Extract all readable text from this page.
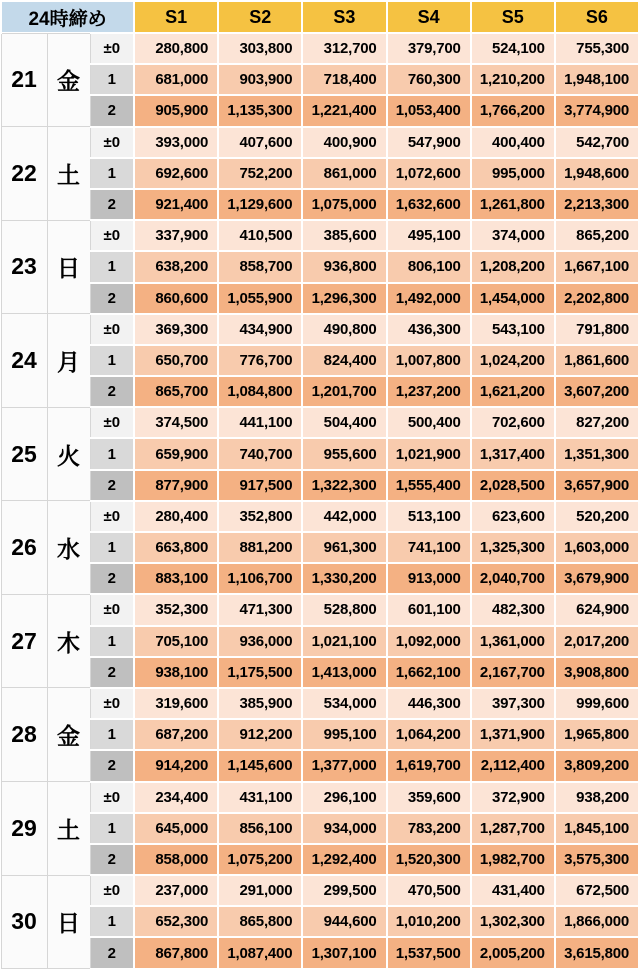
24時締め			S1	S2	S3	S4	S5	S6
21	金	±0	280,800	303,800	312,700	379,700	524,100	755,300
		1	681,000	903,900	718,400	760,300	1,210,200	1,948,100
		2	905,900	1,135,300	1,221,400	1,053,400	1,766,200	3,774,900
22	土	±0	393,000	407,600	400,900	547,900	400,400	542,700
		1	692,600	752,200	861,000	1,072,600	995,000	1,948,600
		2	921,400	1,129,600	1,075,000	1,632,600	1,261,800	2,213,300
23	日	±0	337,900	410,500	385,600	495,100	374,000	865,200
		1	638,200	858,700	936,800	806,100	1,208,200	1,667,100
		2	860,600	1,055,900	1,296,300	1,492,000	1,454,000	2,202,800
24	月	±0	369,300	434,900	490,800	436,300	543,100	791,800
		1	650,700	776,700	824,400	1,007,800	1,024,200	1,861,600
		2	865,700	1,084,800	1,201,700	1,237,200	1,621,200	3,607,200
25	火	±0	374,500	441,100	504,400	500,400	702,600	827,200
		1	659,900	740,700	955,600	1,021,900	1,317,400	1,351,300
		2	877,900	917,500	1,322,300	1,555,400	2,028,500	3,657,900
26	水	±0	280,400	352,800	442,000	513,100	623,600	520,200
		1	663,800	881,200	961,300	741,100	1,325,300	1,603,000
		2	883,100	1,106,700	1,330,200	913,000	2,040,700	3,679,900
27	木	±0	352,300	471,300	528,800	601,100	482,300	624,900
		1	705,100	936,000	1,021,100	1,092,000	1,361,000	2,017,200
		2	938,100	1,175,500	1,413,000	1,662,100	2,167,700	3,908,800
28	金	±0	319,600	385,900	534,000	446,300	397,300	999,600
		1	687,200	912,200	995,100	1,064,200	1,371,900	1,965,800
		2	914,200	1,145,600	1,377,000	1,619,700	2,112,400	3,809,200
29	土	±0	234,400	431,100	296,100	359,600	372,900	938,200
		1	645,000	856,100	934,000	783,200	1,287,700	1,845,100
		2	858,000	1,075,200	1,292,400	1,520,300	1,982,700	3,575,300
30	日	±0	237,000	291,000	299,500	470,500	431,400	672,500
		1	652,300	865,800	944,600	1,010,200	1,302,300	1,866,000
		2	867,800	1,087,400	1,307,100	1,537,500	2,005,200	3,615,800
